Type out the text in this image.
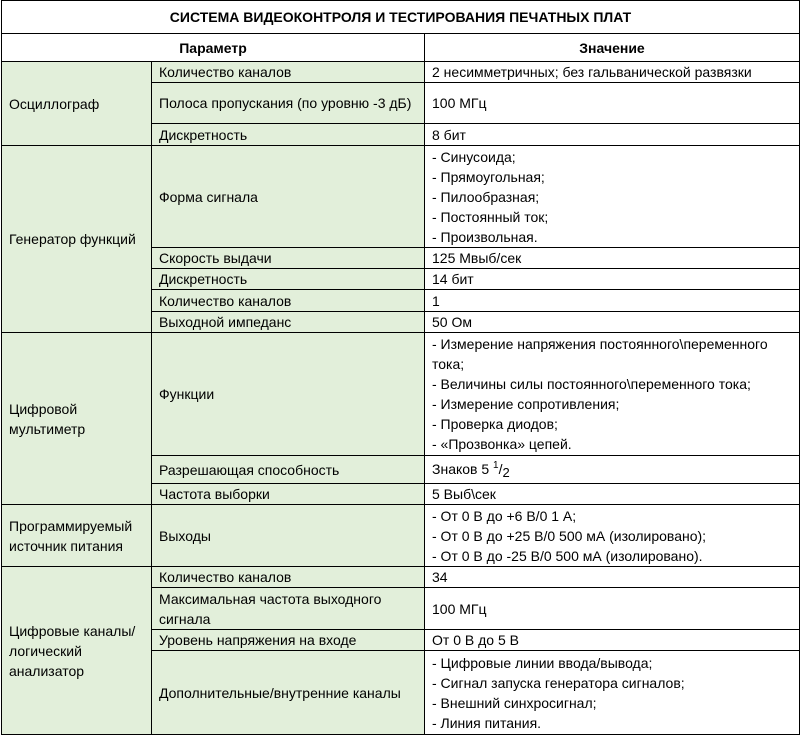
СИСТЕМА ВИДЕОКОНТРОЛЯ И ТЕСТИРОВАНИЯ ПЕЧАТНЫХ ПЛАТ		
Параметр		Значение
Осциллограф	Количество каналов	2 несимметричных; без гальванической развязки
	Полоса пропускания (по уровню -3 дБ)	100 МГц
	Дискретность	8 бит
Генератор функций	Форма сигнала	- Синусоида;
- Прямоугольная;
- Пилообразная;
- Постоянный ток;
- Произвольная.

	Скорость выдачи	125 Мвыб/сек
	Дискретность	14 бит
	Количество каналов	1
	Выходной импеданс	50 Ом
Цифровой мультиметр	Функции	- Измерение напряжения постоянного\переменного тока;
- Величины силы постоянного\переменного тока;
- Измерение сопротивления;
- Проверка диодов;
- «Прозвонка» цепей.

	Разрешающая способность	Знаков 5 $^1$/2
	Частота выборки	5 Выб\сек
Программируемый источник питания	Выходы	- От 0 В до +6 В/0 1 А;
- От 0 В до +25 В/0 500 мА (изолировано);
- От 0 В до -25 В/0 500 мА (изолировано).

Цифровые каналы/логический анализатор	Количество каналов	34
	Максимальная частота выходного сигнала	100 МГц
	Уровень напряжения на входе	От 0 В до 5 В
	Дополнительные/внутренние каналы	- Цифровые линии ввода/вывода;
- Сигнал запуска генератора сигналов;
- Внешний синхросигнал;
- Линия питания.
